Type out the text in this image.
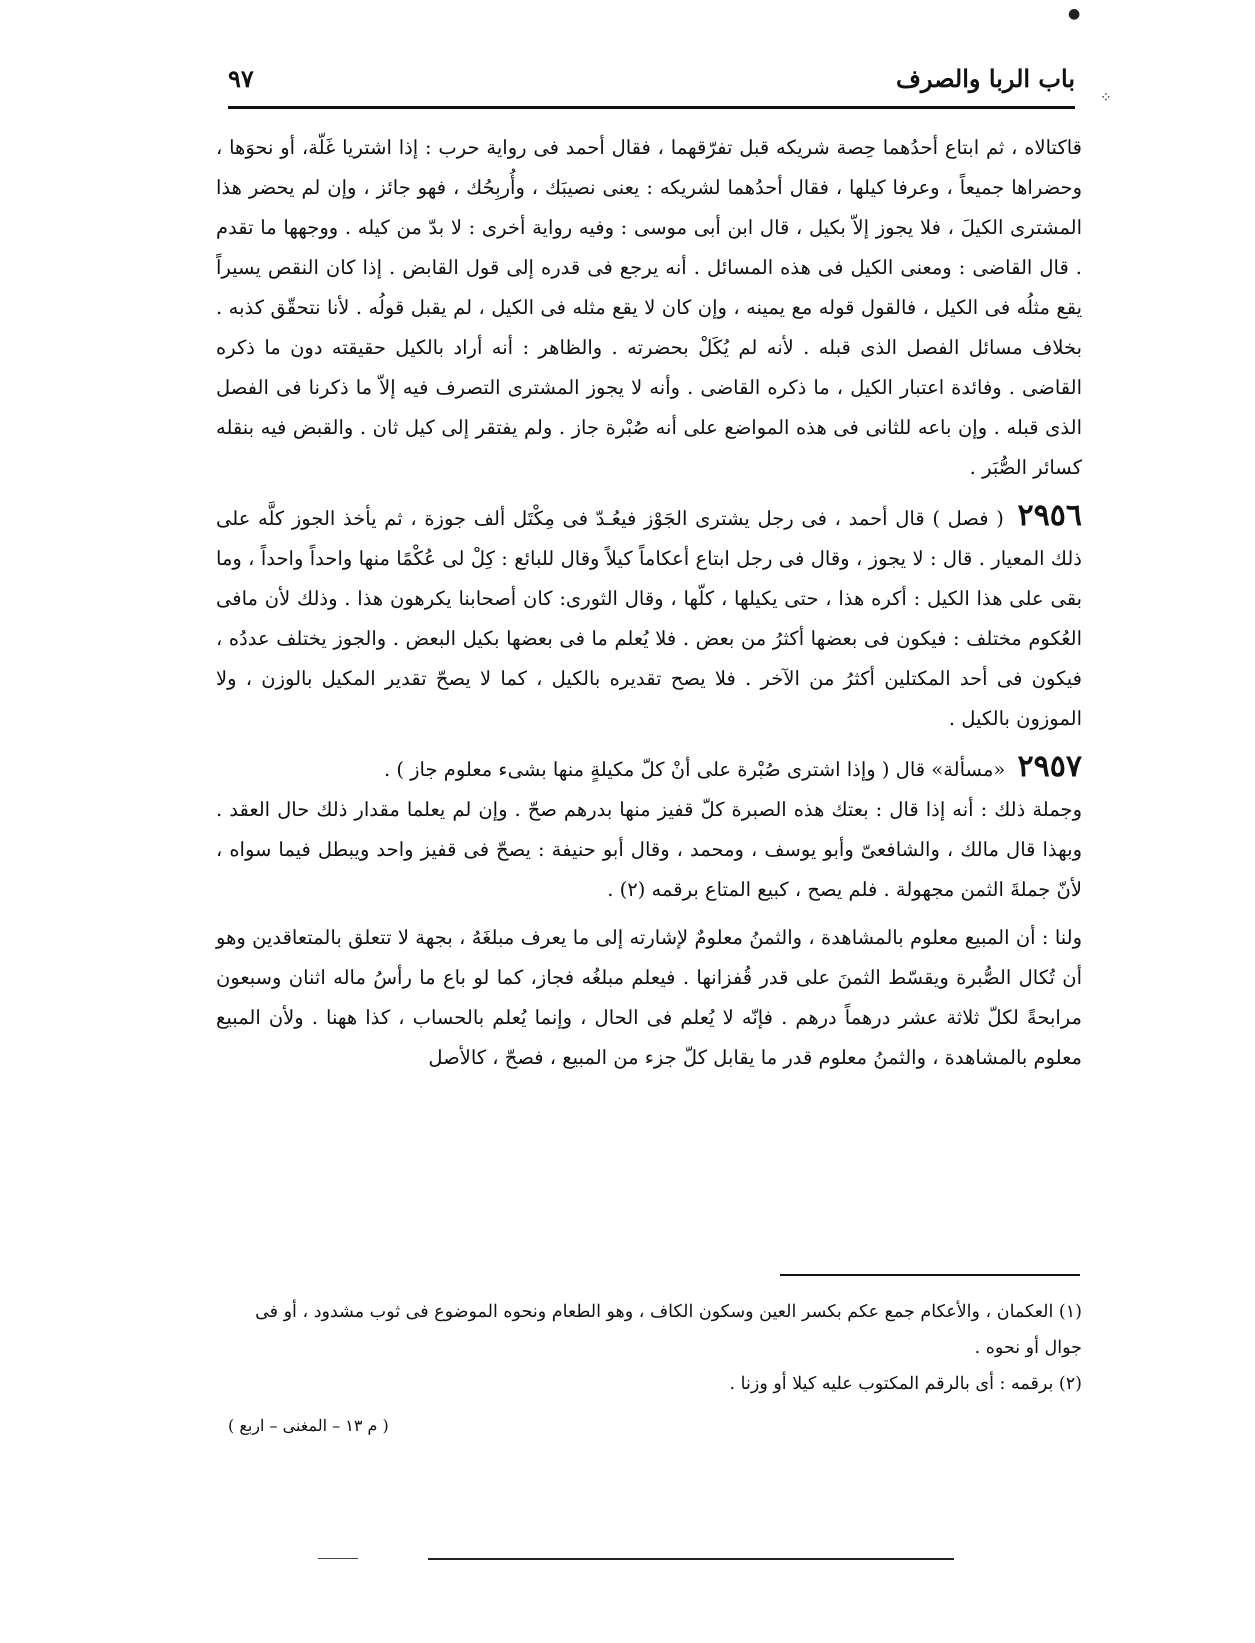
باب الربا والصرف
٩٧

قاكتالاه ، ثم ابتاع أحدُهما حِصة شريكه قبل تفرّقهما ، فقال أحمد فى رواية حرب : إذا اشتريا غَلّة، أو نحوَها ، وحضراها جميعاً ، وعرفا كيلها ، فقال أحدُهما لشريكه : يعنى نصيبَك ، وأُربِحُك ، فهو جائز ، وإن لم يحضر هذا المشترى الكيلَ ، فلا يجوز إلاّ بكيل ، قال ابن أبى موسى : وفيه رواية أخرى : لا بدّ من كيله . ووجهها ما تقدم . قال القاضى : ومعنى الكيل فى هذه المسائل . أنه يرجع فى قدره إلى قول القابض . إذا كان النقص يسيراً يقع مثلُه فى الكيل ، فالقول قوله مع يمينه ، وإن كان لا يقع مثله فى الكيل ، لم يقبل قولُه . لأنا نتحقّق كذبه . بخلاف مسائل الفصل الذى قبله . لأنه لم يُكَلْ بحضرته . والظاهر : أنه أراد بالكيل حقيقته دون ما ذكره القاضى . وفائدة اعتبار الكيل ، ما ذكره القاضى . وأنه لا يجوز المشترى التصرف فيه إلاّ ما ذكرنا فى الفصل الذى قبله . وإن باعه للثانى فى هذه المواضع على أنه صُبْرة جاز . ولم يفتقر إلى كيل ثان . والقبض فيه بنقله كسائر الصُّبَر .

٢٩٥٦ ( فصل ) قال أحمد ، فى رجل يشترى الجَوْز فيعُـدّ فى مِكْتَل ألف جوزة ، ثم يأخذ الجوز كلَّه على ذلك المعيار . قال : لا يجوز ، وقال فى رجل ابتاع أعكاماً كيلاً وقال للبائع : كِلْ لى عُكْمًا منها واحداً واحداً ، وما بقى على هذا الكيل : أكره هذا ، حتى يكيلها ، كلّها ، وقال الثورى: كان أصحابنا يكرهون هذا . وذلك لأن مافى العُكوم مختلف : فيكون فى بعضها أكثرُ من بعض . فلا يُعلم ما فى بعضها بكيل البعض . والجوز يختلف عددُه ، فيكون فى أحد المكتلين أكثرُ من الآخر . فلا يصح تقديره بالكيل ، كما لا يصحّ تقدير المكيل بالوزن ، ولا الموزون بالكيل .

٢٩٥٧ «مسألة» قال ( وإذا اشترى صُبْرة على أنْ كلّ مكيلةٍ منها بشىء معلوم جاز ) .

وجملة ذلك : أنه إذا قال : بعتك هذه الصبرة كلّ قفيز منها بدرهم صحّ . وإن لم يعلما مقدار ذلك حال العقد . وبهذا قال مالك ، والشافعىّ وأبو يوسف ، ومحمد ، وقال أبو حنيفة : يصحّ فى قفيز واحد ويبطل فيما سواه ، لأنّ جملةَ الثمن مجهولة . فلم يصح ، كبيع المتاع برقمه (٢) .

ولنا : أن المبيع معلوم بالمشاهدة ، والثمنُ معلومٌ لإشارته إلى ما يعرف مبلغَهُ ، بجهة لا تتعلق بالمتعاقدين وهو أن تُكال الصُّبرة ويقسّط الثمنَ على قدر قُفزانها . فيعلم مبلغُه فجاز، كما لو باع ما رأسُ ماله اثنان وسبعون مرابحةً لكلّ ثلاثة عشر درهماً درهم . فإنّه لا يُعلم فى الحال ، وإنما يُعلم بالحساب ، كذا ههنا . ولأن المبيع معلوم بالمشاهدة ، والثمنُ معلوم قدر ما يقابل كلّ جزء من المبيع ، فصحّ ، كالأصل

(١) العكمان ، والأعكام جمع عكم بكسر العين وسكون الكاف ، وهو الطعام ونحوه الموضوع فى ثوب مشدود ، أو فى جوال أو نحوه .

(٢) برقمه : أى بالرقم المكتوب عليه كيلا أو وزنا .

( م ١٣ – المغنى – اربع )
●
⁘
